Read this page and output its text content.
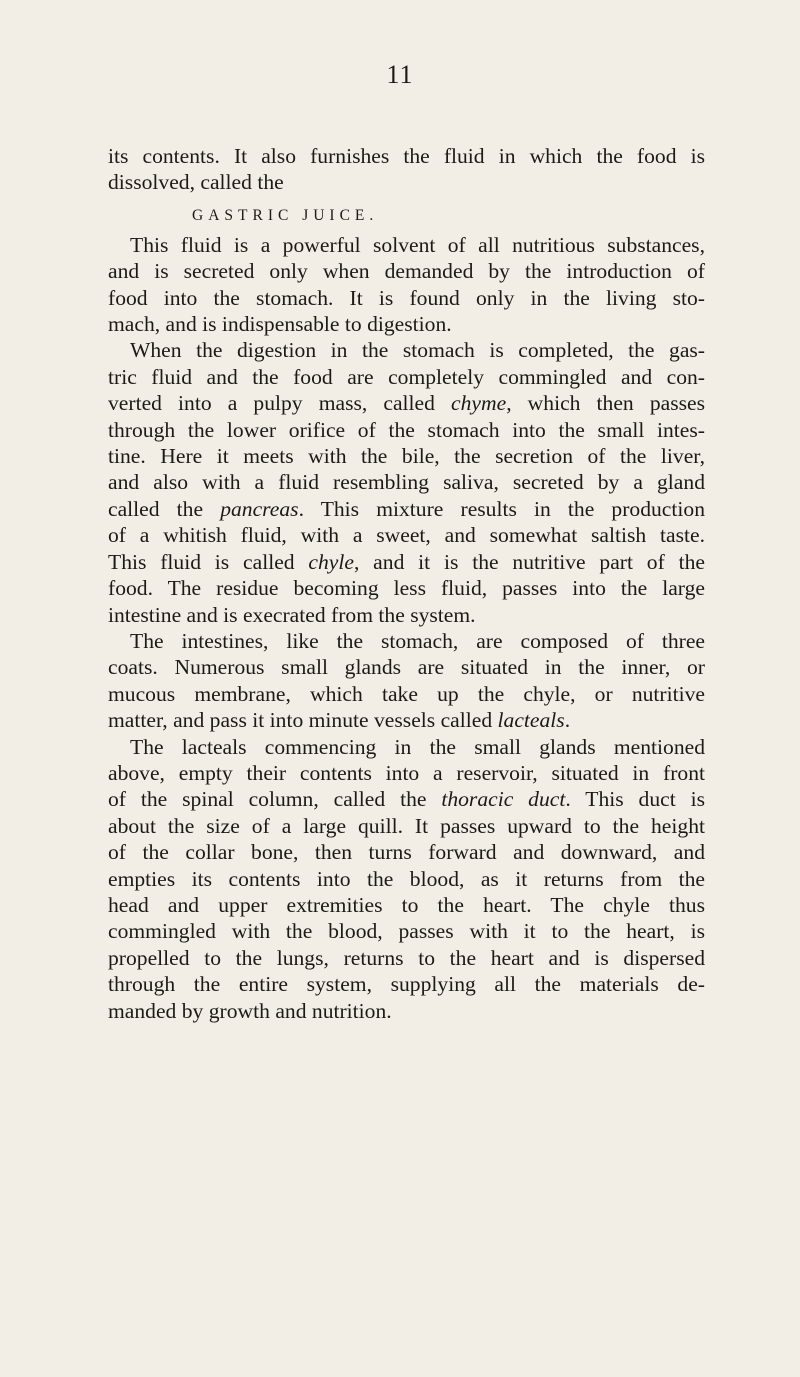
11

its contents. It also furnishes the fluid in which the food is
dissolved, called the

GASTRIC JUICE.

This fluid is a powerful solvent of all nutritious substances,
and is secreted only when demanded by the introduction of
food into the stomach. It is found only in the living sto-
mach, and is indispensable to digestion.

When the digestion in the stomach is completed, the gas-
tric fluid and the food are completely commingled and con-
verted into a pulpy mass, called chyme, which then passes
through the lower orifice of the stomach into the small intes-
tine. Here it meets with the bile, the secretion of the liver,
and also with a fluid resembling saliva, secreted by a gland
called the pancreas. This mixture results in the production
of a whitish fluid, with a sweet, and somewhat saltish taste.
This fluid is called chyle, and it is the nutritive part of the
food. The residue becoming less fluid, passes into the large
intestine and is execrated from the system.

The intestines, like the stomach, are composed of three
coats. Numerous small glands are situated in the inner, or
mucous membrane, which take up the chyle, or nutritive
matter, and pass it into minute vessels called lacteals.

The lacteals commencing in the small glands mentioned
above, empty their contents into a reservoir, situated in front
of the spinal column, called the thoracic duct. This duct is
about the size of a large quill. It passes upward to the height
of the collar bone, then turns forward and downward, and
empties its contents into the blood, as it returns from the
head and upper extremities to the heart. The chyle thus
commingled with the blood, passes with it to the heart, is
propelled to the lungs, returns to the heart and is dispersed
through the entire system, supplying all the materials de-
manded by growth and nutrition.
